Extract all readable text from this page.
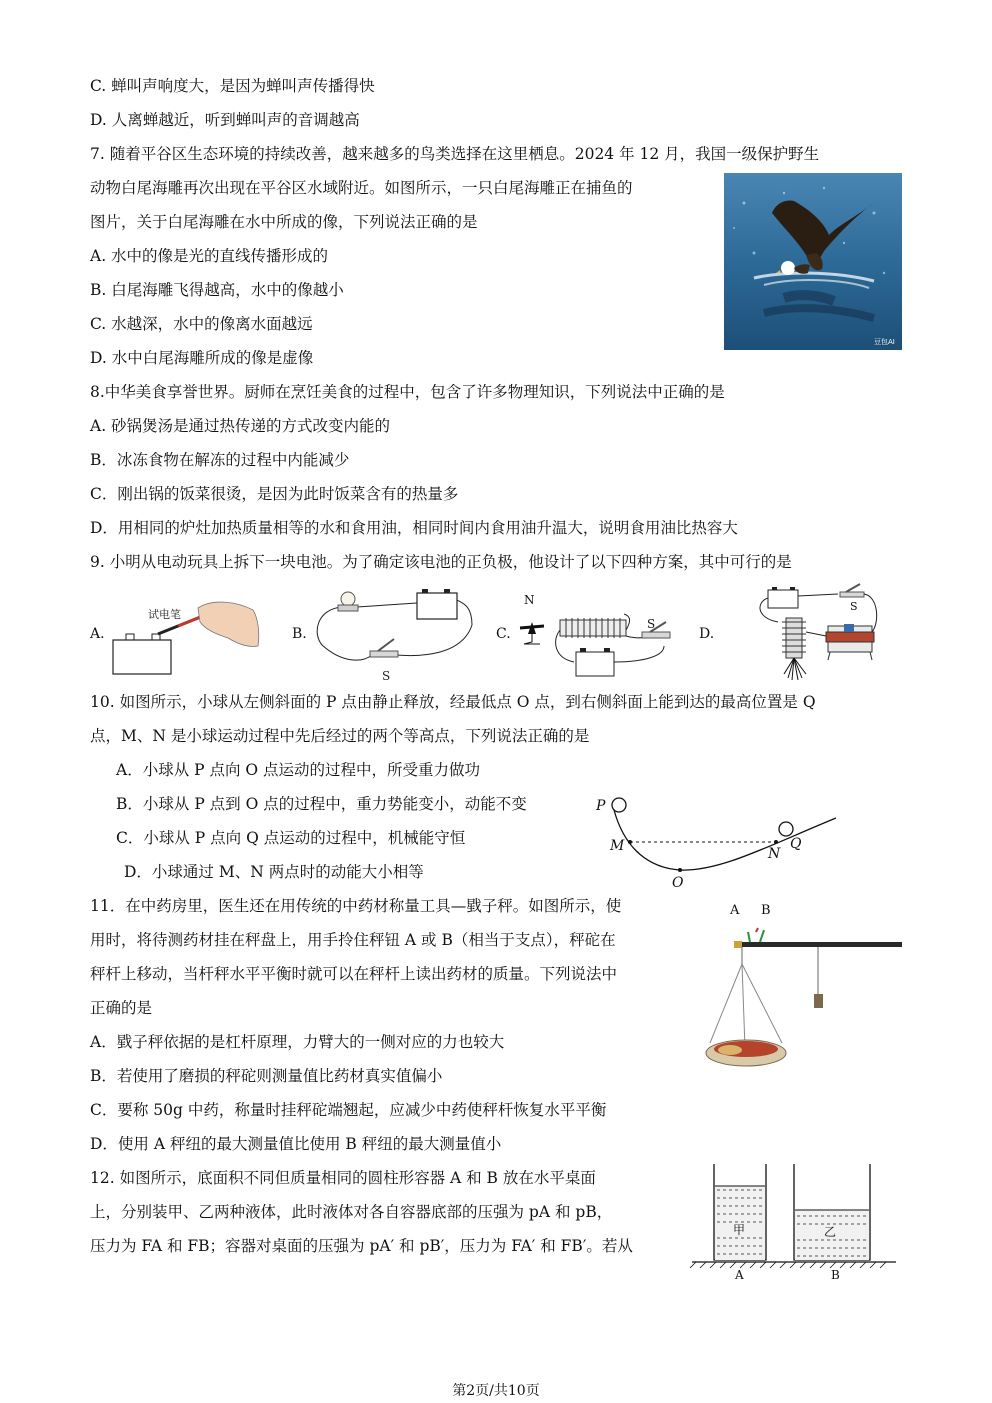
C. 蝉叫声响度大，是因为蝉叫声传播得快
D. 人离蝉越近，听到蝉叫声的音调越高
7. 随着平谷区生态环境的持续改善，越来越多的鸟类选择在这里栖息。2024 年 12 月，我国一级保护野生
动物白尾海雕再次出现在平谷区水域附近。如图所示，一只白尾海雕正在捕鱼的
图片，关于白尾海雕在水中所成的像，下列说法正确的是
A. 水中的像是光的直线传播形成的
B. 白尾海雕飞得越高，水中的像越小
C. 水越深，水中的像离水面越远
D. 水中白尾海雕所成的像是虚像
8.中华美食享誉世界。厨师在烹饪美食的过程中，包含了许多物理知识，下列说法中正确的是
A. 砂锅煲汤是通过热传递的方式改变内能的
B．冰冻食物在解冻的过程中内能减少
C．刚出锅的饭菜很烫，是因为此时饭菜含有的热量多
D．用相同的炉灶加热质量相等的水和食用油，相同时间内食用油升温大，说明食用油比热容大
9. 小明从电动玩具上拆下一块电池。为了确定该电池的正负极，他设计了以下四种方案，其中可行的是
10. 如图所示，小球从左侧斜面的 P 点由静止释放，经最低点 O 点，到右侧斜面上能到达的最高位置是 Q
点，M、N 是小球运动过程中先后经过的两个等高点，下列说法正确的是
A．小球从 P 点向 O 点运动的过程中，所受重力做功
B．小球从 P 点到 O 点的过程中，重力势能变小，动能不变
C．小球从 P 点向 Q 点运动的过程中，机械能守恒
D．小球通过 M、N 两点时的动能大小相等
11．在中药房里，医生还在用传统的中药材称量工具—戥子秤。如图所示，使
用时，将待测药材挂在秤盘上，用手拎住秤钮 A 或 B（相当于支点），秤砣在
秤杆上移动，当杆秤水平平衡时就可以在秤杆上读出药材的质量。下列说法中
正确的是
A．戥子秤依据的是杠杆原理，力臂大的一侧对应的力也较大
B．若使用了磨损的秤砣则测量值比药材真实值偏小
C．要称 50g 中药，称量时挂秤砣端翘起，应减少中药使秤杆恢复水平平衡
D．使用 A 秤纽的最大测量值比使用 B 秤纽的最大测量值小
12. 如图所示，底面积不同但质量相同的圆柱形容器 A 和 B 放在水平桌面
上，分别装甲、乙两种液体，此时液体对各自容器底部的压强为 pA 和 pB，
压力为 FA 和 FB；容器对桌面的压强为 pA′ 和 pB′，压力为 FA′ 和 FB′。若从
豆包AI
A.
试电笔
B.
S
C.
N
S
D.
S
P
M	N
Q
O
A B
甲	乙
A	B
第2页/共10页
